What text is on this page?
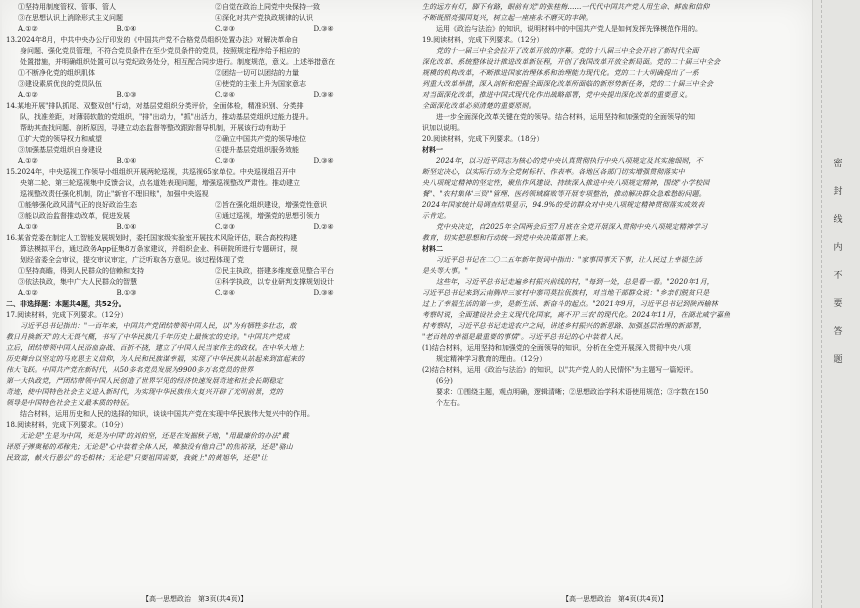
①坚持用制度管权、管事、管人	②自觉在政治上同党中央保持一致
③在思想认识上消除形式主义问题	④深化对共产党执政规律的认识
A.①②	B.①④	C.②③	D.③④

13.2024年8月，中共中央办公厅印发的《中国共产党不合格党员组织处置办法》对解决革命自

身问题、强化党员管理，不符合党员条件在至少党员条件的党员，按照规定程序给予相应的

处置措施，并明确组织处置可以与党纪政务处分，相互配合同步进行。制度规范，意义。上述举措意在

①不断净化党的组织肌体	②团结一切可以团结的力量
③建设素质优良的党员队伍	④使党的主张上升为国家意志
A.①②	B.①③	C.②④	D.③④

14.某地开展"排队抓尾、双整双创"行动，对基层党组织分类评价，全面体检，精准识别、分类排

队，找准差距，对薄弱软散的党组织，"排"出动力，"抓"出活力，推动基层党组织过能力提升。

帮助其查找问题、剖析原因，寻建立动态监督等整改跟踪督导机制，开展该行动有助于

①扩大党的领导权力和威望	②确立中国共产党的领导地位
③加强基层党组织自身建设	④提升基层党组织服务效能
A.①②	B.①④	C.②③	D.③④

15.2024年，中央巡视工作领导小组组织开展两轮巡视，共巡视65家单位。中央巡视组召开中

央第二轮、第三轮巡视集中反馈会议，点名道姓表现问题，增强巡视整改严肃性。推动建立

巡视整改责任强化机制，防止"新官不理旧账"，加强中央巡视

①能够强化政风清气正的良好政治生态	②旨在强化组织建设，增强党性意识
③能以政治监督推动改革，促进发展	④通过巡视，增强党的思想引领力
A.①③	B.①④	C.②③	D.②④

16.某省党委在制定人工智能发展规划时，委托国家级实验室开展技术风险评估，联合高校构建

算法模拟平台，通过政务App征集8万条家建议，并组织企业、科研院所进行专题研讨，规

划经省委全会审议，提交审议审定，广泛听取各方意见。该过程体现了党

①坚持高瞻，得到人民群众的信赖和支持	②民主执政，搭建多维度意见整合平台
③依法执政，集中广大人民群众的智慧	④科学执政，以专业研判支撑规划设计
A.①②	B.①③	C.②④	D.③④

二、非选择题：本题共4题，共52分。

17.阅读材料，完成下列要求。（12分）

习近平总书记指出："一百年来，中国共产党团结带领中国人民，以"为有牺牲多壮志，敢

教日月换新天"的大无畏气概，书写了中华民族几千年历史上最恢宏的史诗。"中国共产党成

立后，团结带领中国人民浴血奋战、百折不挠，建立了中国人民当家作主的政权。在中华大地上

历史舞台以坚定的马克思主义信仰，为人民和民族谋幸福，实现了中华民族从站起来到富起来的

伟大飞跃。中国共产党在新时代，从50多名党员发展为9900多万名党员的世界

第一大执政党，严团结带领中国人民创造了世界罕见的经济快速发展奇迹和社会长期稳定

奇迹，使中国特色社会主义进入新时代，为实现中华民族伟大复兴开辟了光明前景，党的

领导是中国特色社会主义最本质的特征。

结合材料，运用历史和人民的选择的知识，谈谈中国共产党在实现中华民族伟大复兴中的作用。

18.阅读材料，完成下列要求。（10分）

无论是"生是为中国，死是为中国"的刘伯坚，还是在发掘秋子地，"用最廉价的办法"戴

译原子弹奥秘的邓稼先；无论是"心中装着全体人民，唯独没有他自己"的焦裕禄，还是"骆山

民致富，献火行愚公"的毛相林；无论是"只要祖国需要，我就上"的黄旭华，还是"让

生的远方有灯，脚下有路，眼前有光"的张桂梅……一代代中国共产党人用生命、鲜血和信仰

不断既照亮强国复兴，树立起一座座永不磨灭的丰碑。

运用《政治与法治》的知识，说明材料中的中国共产党人是如何发挥先锋模范作用的。

19.阅读材料，完成下列要求。（12分）

党的十一届三中全会拉开了改革开放的序幕。党的十八届三中全会开启了新时代全面

深化改革、系统整体设计推进改革新征程，开创了我国改革开放全新局面。党的二十届三中全会

规模的机构改革，不断推进国家治理体系和治理能力现代化。党的二十大明确提出了一系

列重大改革举措，深入剖析和把握全面深化改革所面临的新形势新任务，党的二十届三中全会

对当面深化改革，推进中国式现代化作出战略部署，党中央提出深化改革的重要意义。

全面深化改革必须清楚的重要原则。

进一步全面深化改革关键在党的领导。结合材料，运用坚持和加强党的全面领导的知

识加以说明。

20.阅读材料，完成下列要求。（18分）

材料一

2024年，以习近平同志为核心的党中央认真贯彻执行中央八项规定及其实施细则，不

断坚定决心，以实际行动为全党树标杆、作表率。各地区各部门切实增强贯彻落实中

央八项规定精神的坚定性，聚焦作风建设、持续深入推进中央八项规定精神，围绕"小学校园

餐"、"农村集体'三资'"管理、医药领域腐败等开展专项整治，推动解决群众急难愁盼问题。

2024年国家统计局调查结果显示，94.9%的受访群众对中央八项规定精神贯彻落实成效表

示肯定。

党中央决定，自2025年全国两会后至7月底在全党开展深入贯彻中央八项规定精神学习

教育，切实把思想和行动统一到党中央决策部署上来。

材料二

习近平总书记在二〇二五年新年贺词中指出："家事国事天下事，让人民过上幸福生活

是头等大事。"

这些年，习近平总书记走遍乡村振兴前线的村，"每到一处，总是看一看。"2020年1月，

习近平总书记来到云南腾冲三家村中寨司莫拉佤族村，对当地干部群众说："乡亲们脱贫只是

过上了幸福生活的第一步，是新生活、新奋斗的起点。"2021年9月，习近平总书记到陕西榆林

考察时说，全面建设社会主义现代化国家，离不开'三农'的现代化。2024年11月，在湖北咸宁嘉鱼

村考察时，习近平总书记走进农户之间，讲述乡村振兴的新思路、加强基层治理的新部署，

"老百姓的幸福是最重要的事情"。习近平总书记的心中装着人民。

(1)结合材料，运用坚持和加强党的全面领导的知识，分析在全党开展深入贯彻中央八项

规定精神学习教育的理由。（12分）

(2)结合材料，运用《政治与法治》的知识，以"共产党人的人民情怀"为主题写一篇短评。

(6分)

要求：①围绕主题，观点明确，逻辑清晰；②思想政治学科术语使用规范；③字数在150

个左右。

【高一思想政治　第3页(共4页)】	【高一思想政治　第4页(共4页)】
密
封
线
内
不
要
答
题
